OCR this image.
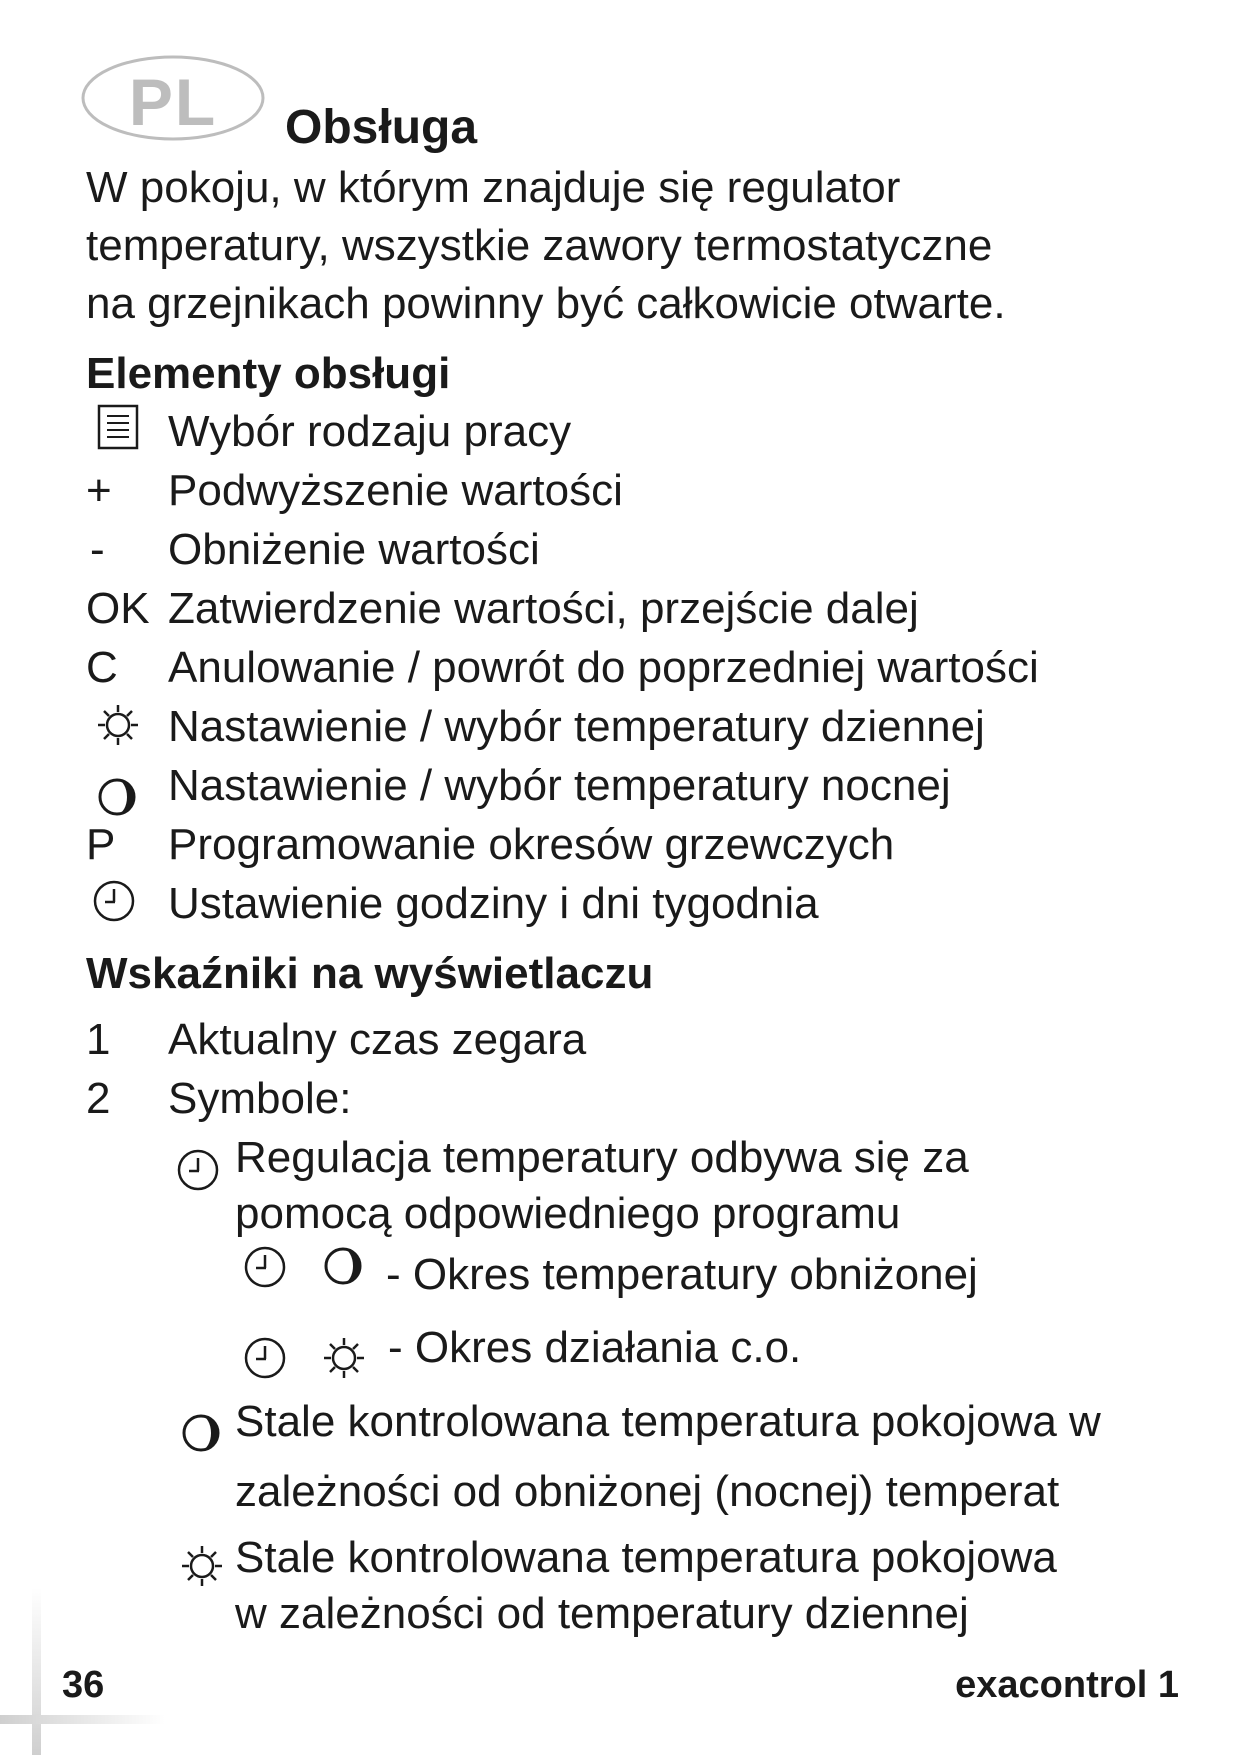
PL	Obsługa
W pokoju, w którym znajduje się regulator
temperatury, wszystkie zawory termostatyczne
na grzejnikach powinny być całkowicie otwarte.
Elementy obsługi
Wybór rodzaju pracy
+ Podwyższenie wartości
- Obniżenie wartości
OK Zatwierdzenie wartości, przejście dalej
C Anulowanie / powrót do poprzedniej wartości
Nastawienie / wybór temperatury dziennej
Nastawienie / wybór temperatury nocnej
P Programowanie okresów grzewczych
Ustawienie godziny i dni tygodnia
Wskaźniki na wyświetlaczu
1 Aktualny czas zegara
2 Symbole:
Regulacja temperatury odbywa się za
pomocą odpowiedniego programu
- Okres temperatury obniżonej
- Okres działania c.o.
Stale kontrolowana temperatura pokojowa w
zależności od obniżonej (nocnej) temperat
Stale kontrolowana temperatura pokojowa
w zależności od temperatury dziennej
36	exacontrol 1
